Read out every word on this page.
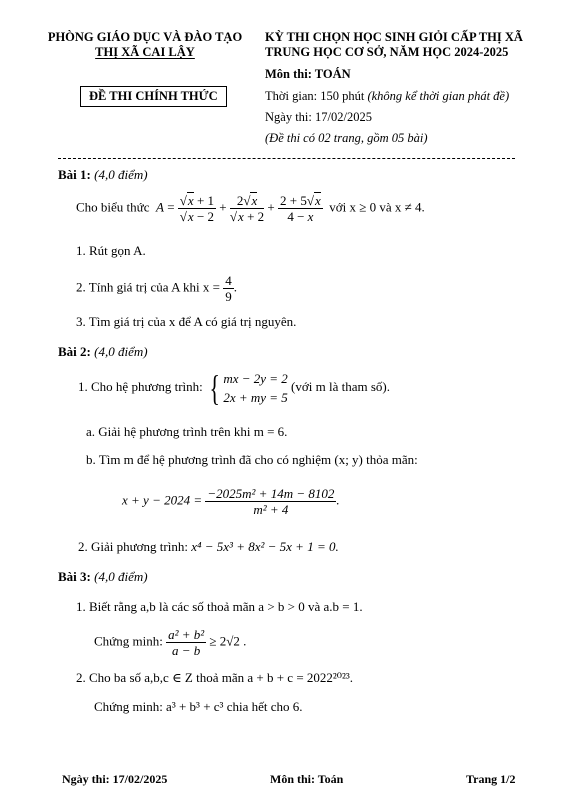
PHÒNG GIÁO DỤC VÀ ĐÀO TẠO
THỊ XÃ CAI LẬY
KỲ THI CHỌN HỌC SINH GIỎI CẤP THỊ XÃ
TRUNG HỌC CƠ SỞ, NĂM HỌC 2024-2025
Môn thi: TOÁN
ĐỀ THI CHÍNH THỨC	Thời gian: 150 phút (không kể thời gian phát đề)
Ngày thi: 17/02/2025
(Đề thi có 02 trang, gồm 05 bài)
Bài 1: (4,0 điểm)
Cho biểu thức  $A = \frac{√x + 1}{√x - 2} + \frac{2√x}{√x + 2} + \frac{2 + 5√x}{4 - x}$ với x ≥ 0 và x ≠ 4.
1. Rút gọn A.
2. Tính giá trị của A khi $x = \frac{4}{9}$ .
3. Tìm giá trị của x để A có giá trị nguyên.
Bài 2: (4,0 điểm)
1. Cho hệ phương trình: { mx − 2y = 2
2x + my = 5
(với m là tham số).
a. Giải hệ phương trình trên khi m = 6.
b. Tìm m để hệ phương trình đã cho có nghiệm (x; y) thỏa mãn:
$x + y - 2024 = \frac{\text{−2025m² + 14m − 8102}}{\text{m² + 4}}$ .
2. Giải phương trình: x⁴ − 5x³ + 8x² − 5x + 1 = 0.
Bài 3: (4,0 điểm)
1. Biết rằng a,b là các số thoả mãn a > b > 0 và a.b = 1.
Chứng minh: $\frac{\text{a² + b²}}{a - b} \ge 2√2$ .
2. Cho ba số a,b,c ∈ Z thoả mãn a + b + c = 2022²⁰²³.
Chứng minh: a³ + b³ + c³ chia hết cho 6.
Ngày thi: 17/02/2025	Môn thi: Toán	Trang 1/2
